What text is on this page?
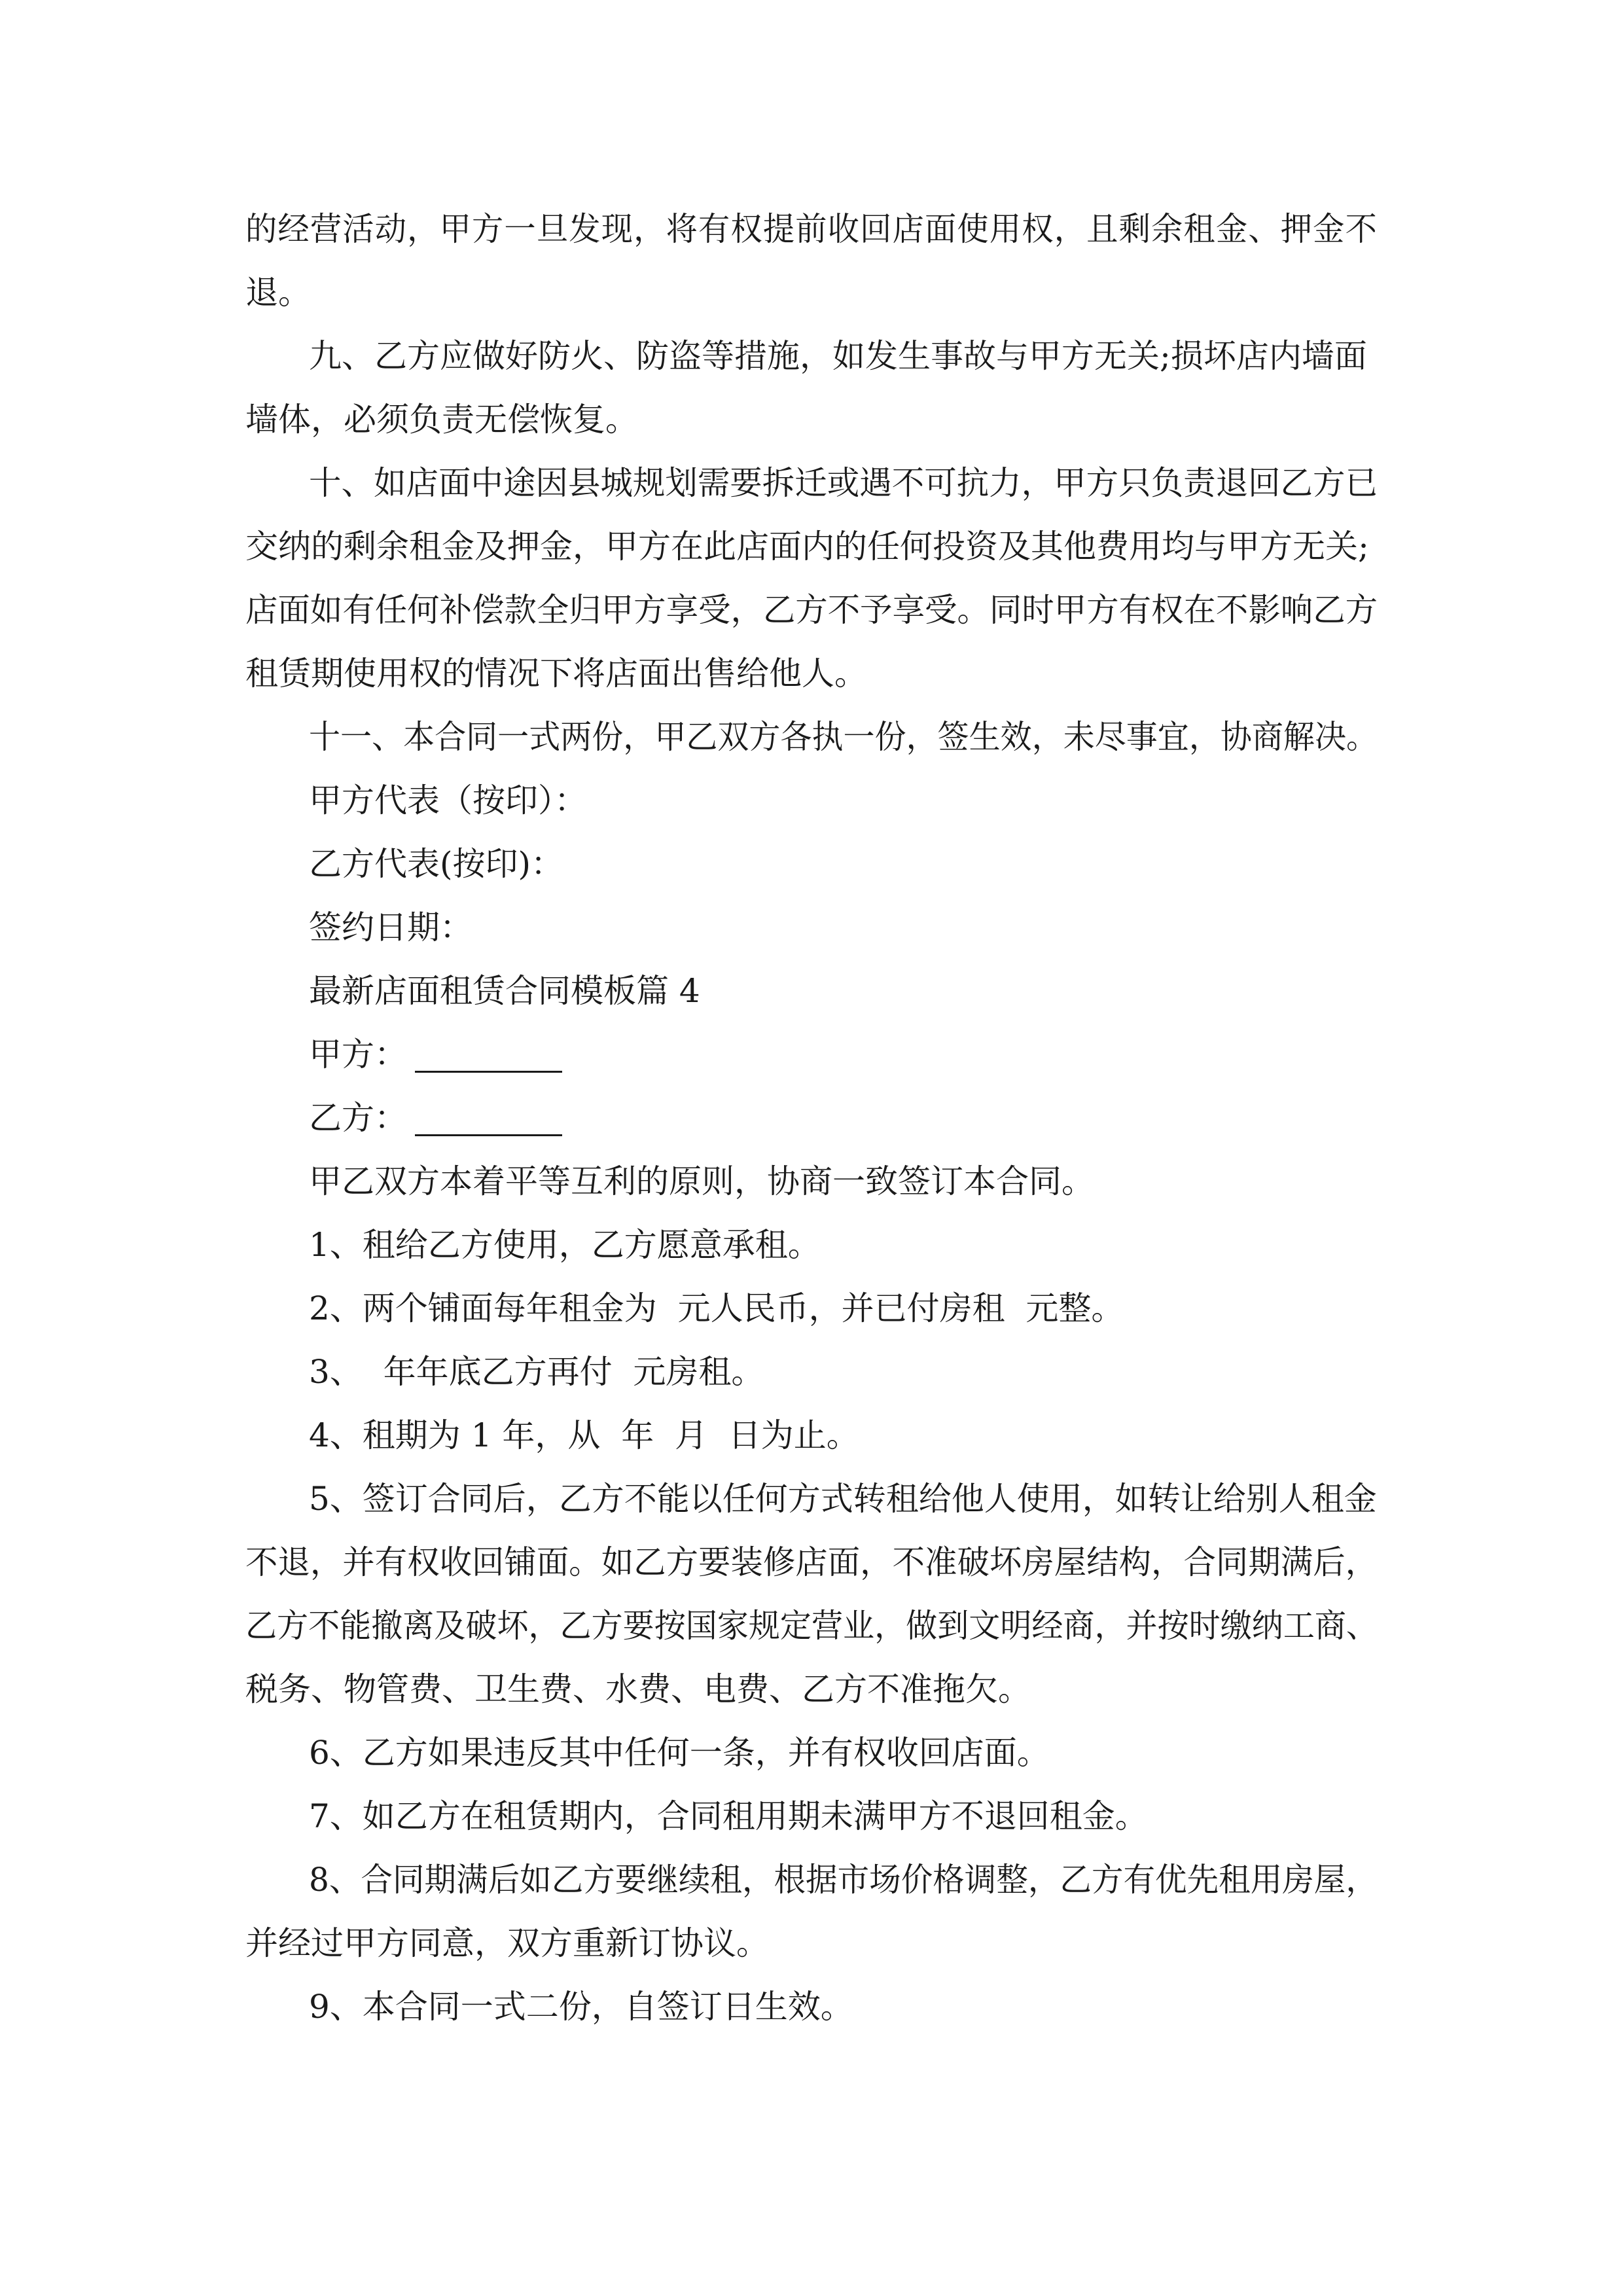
的经营活动，甲方一旦发现，将有权提前收回店面使用权，且剩余租金、押金不
退。
九、乙方应做好防火、防盗等措施，如发生事故与甲方无关;损坏店内墙面
墙体，必须负责无偿恢复。
十、如店面中途因县城规划需要拆迁或遇不可抗力，甲方只负责退回乙方已
交纳的剩余租金及押金，甲方在此店面内的任何投资及其他费用均与甲方无关;
店面如有任何补偿款全归甲方享受，乙方不予享受。同时甲方有权在不影响乙方
租赁期使用权的情况下将店面出售给他人。
十一、本合同一式两份，甲乙双方各执一份，签生效，未尽事宜，协商解决。
甲方代表（按印）：
乙方代表(按印)：
签约日期：
最新店面租赁合同模板篇 4
甲方：
乙方：
甲乙双方本着平等互利的原则，协商一致签订本合同。
1、租给乙方使用，乙方愿意承租。
2、两个铺面每年租金为  元人民币，并已付房租  元整。
3、  年年底乙方再付  元房租。
4、租期为 1 年，从  年  月  日为止。
5、签订合同后，乙方不能以任何方式转租给他人使用，如转让给别人租金
不退，并有权收回铺面。如乙方要装修店面，不准破坏房屋结构，合同期满后，
乙方不能撤离及破坏，乙方要按国家规定营业，做到文明经商，并按时缴纳工商、
税务、物管费、卫生费、水费、电费、乙方不准拖欠。
6、乙方如果违反其中任何一条，并有权收回店面。
7、如乙方在租赁期内，合同租用期未满甲方不退回租金。
8、合同期满后如乙方要继续租，根据市场价格调整，乙方有优先租用房屋，
并经过甲方同意，双方重新订协议。
9、本合同一式二份，自签订日生效。
